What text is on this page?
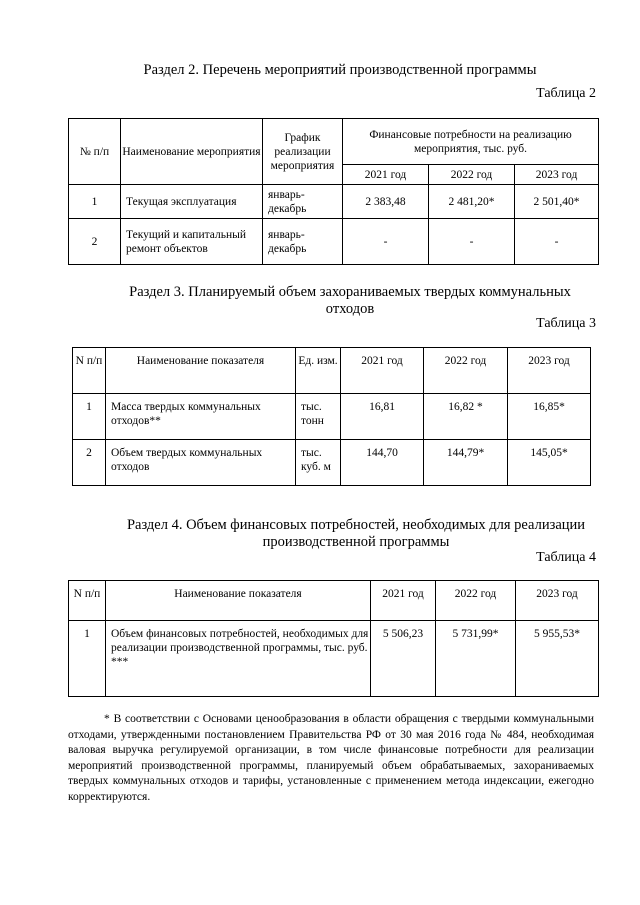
Раздел 2. Перечень мероприятий производственной программы
Таблица 2
№ п/п	Наименование мероприятия	График реализации мероприятия	Финансовые потребности на реализацию мероприятия, тыс. руб.		
			2021 год	2022 год	2023 год
1	Текущая эксплуатация	январь-декабрь	2 383,48	2 481,20*	2 501,40*
2	Текущий и капитальный ремонт объектов	январь-декабрь	-	-	-
Раздел 3. Планируемый объем захораниваемых твердых коммунальных отходов
Таблица 3
N п/п	Наименование показателя	Ед. изм.	2021 год	2022 год	2023 год
1	Масса твердых коммунальных отходов**	тыс. тонн	16,81	16,82 *	16,85*
2	Объем твердых коммунальных отходов	тыс. куб. м	144,70	144,79*	145,05*
Раздел 4. Объем финансовых потребностей, необходимых для реализации производственной программы
Таблица 4
N п/п	Наименование показателя	2021 год	2022 год	2023 год
1	Объем финансовых потребностей, необходимых для реализации производственной программы, тыс. руб. ***	5 506,23	5 731,99*	5 955,53*
* В соответствии с Основами ценообразования в области обращения с твердыми коммунальными отходами, утвержденными постановлением Правительства РФ от 30 мая 2016 года № 484, необходимая валовая выручка регулируемой организации, в том числе финансовые потребности для реализации мероприятий производственной программы, планируемый объем обрабатываемых, захораниваемых твердых коммунальных отходов и тарифы, установленные с применением метода индексации, ежегодно корректируются.
